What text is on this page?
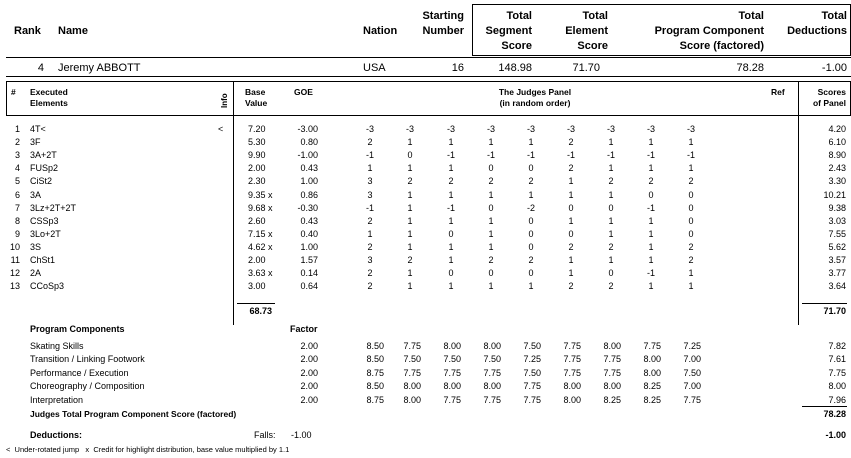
Rank Name	Nation
Starting
Number
Total
Segment
Score
Total
Element
Score
Total
Program Component
Score (factored)
Total
Deductions
4 Jeremy ABBOTT	USA	16	148.98	71.70	78.28	-1.00
# Executed
Elements	Info
Base
Value
GOE	The Judges Panel
(in random order)
Ref	Scores
of Panel
1 4T<	<	7.20	-3.00	-3	-3	-3	-3	-3	-3	-3	-3	-3	4.20
2 3F	5.30	0.80	2	1	1	1	1	2	1	1	1	6.10
3 3A+2T	9.90	-1.00	-1	0	-1	-1	-1	-1	-1	-1	-1	8.90
4 FUSp2	2.00	0.43	1	1	1	0	0	2	1	1	1	2.43
5 CiSt2	2.30	1.00	3	2	2	2	2	1	2	2	2	3.30
6 3A	9.35 x	0.86	3	1	1	1	1	1	1	0	0	10.21
7 3Lz+2T+2T	9.68 x	-0.30	-1	1	-1	0	-2	0	0	-1	0	9.38
8 CSSp3	2.60	0.43	2	1	1	1	0	1	1	1	0	3.03
9 3Lo+2T	7.15 x	0.40	1	1	0	1	0	0	1	1	0	7.55
10 3S	4.62 x	1.00	2	1	1	1	0	2	2	1	2	5.62
11 ChSt1	2.00	1.57	3	2	1	2	2	1	1	1	2	3.57
12 2A	3.63 x	0.14	2	1	0	0	0	1	0	-1	1	3.77
13 CCoSp3	3.00	0.64	2	1	1	1	1	2	2	1	1	3.64
68.73	71.70
Program Components	Factor
Skating Skills	2.00	8.50	7.75	8.00	8.00	7.50	7.75	8.00	7.75	7.25	7.82
Transition / Linking Footwork	2.00	8.50	7.50	7.50	7.50	7.25	7.75	7.75	8.00	7.00	7.61
Performance / Execution	2.00	8.75	7.75	7.75	7.75	7.50	7.75	7.75	8.00	7.50	7.75
Choreography / Composition	2.00	8.50	8.00	8.00	8.00	7.75	8.00	8.00	8.25	7.00	8.00
Interpretation	2.00	8.75	8.00	7.75	7.75	7.75	8.00	8.25	8.25	7.75	7.96
Judges Total Program Component Score (factored)	78.28
Deductions:	Falls: -1.00	-1.00
<  Under-rotated jump   x  Credit for highlight distribution, base value multiplied by 1.1
